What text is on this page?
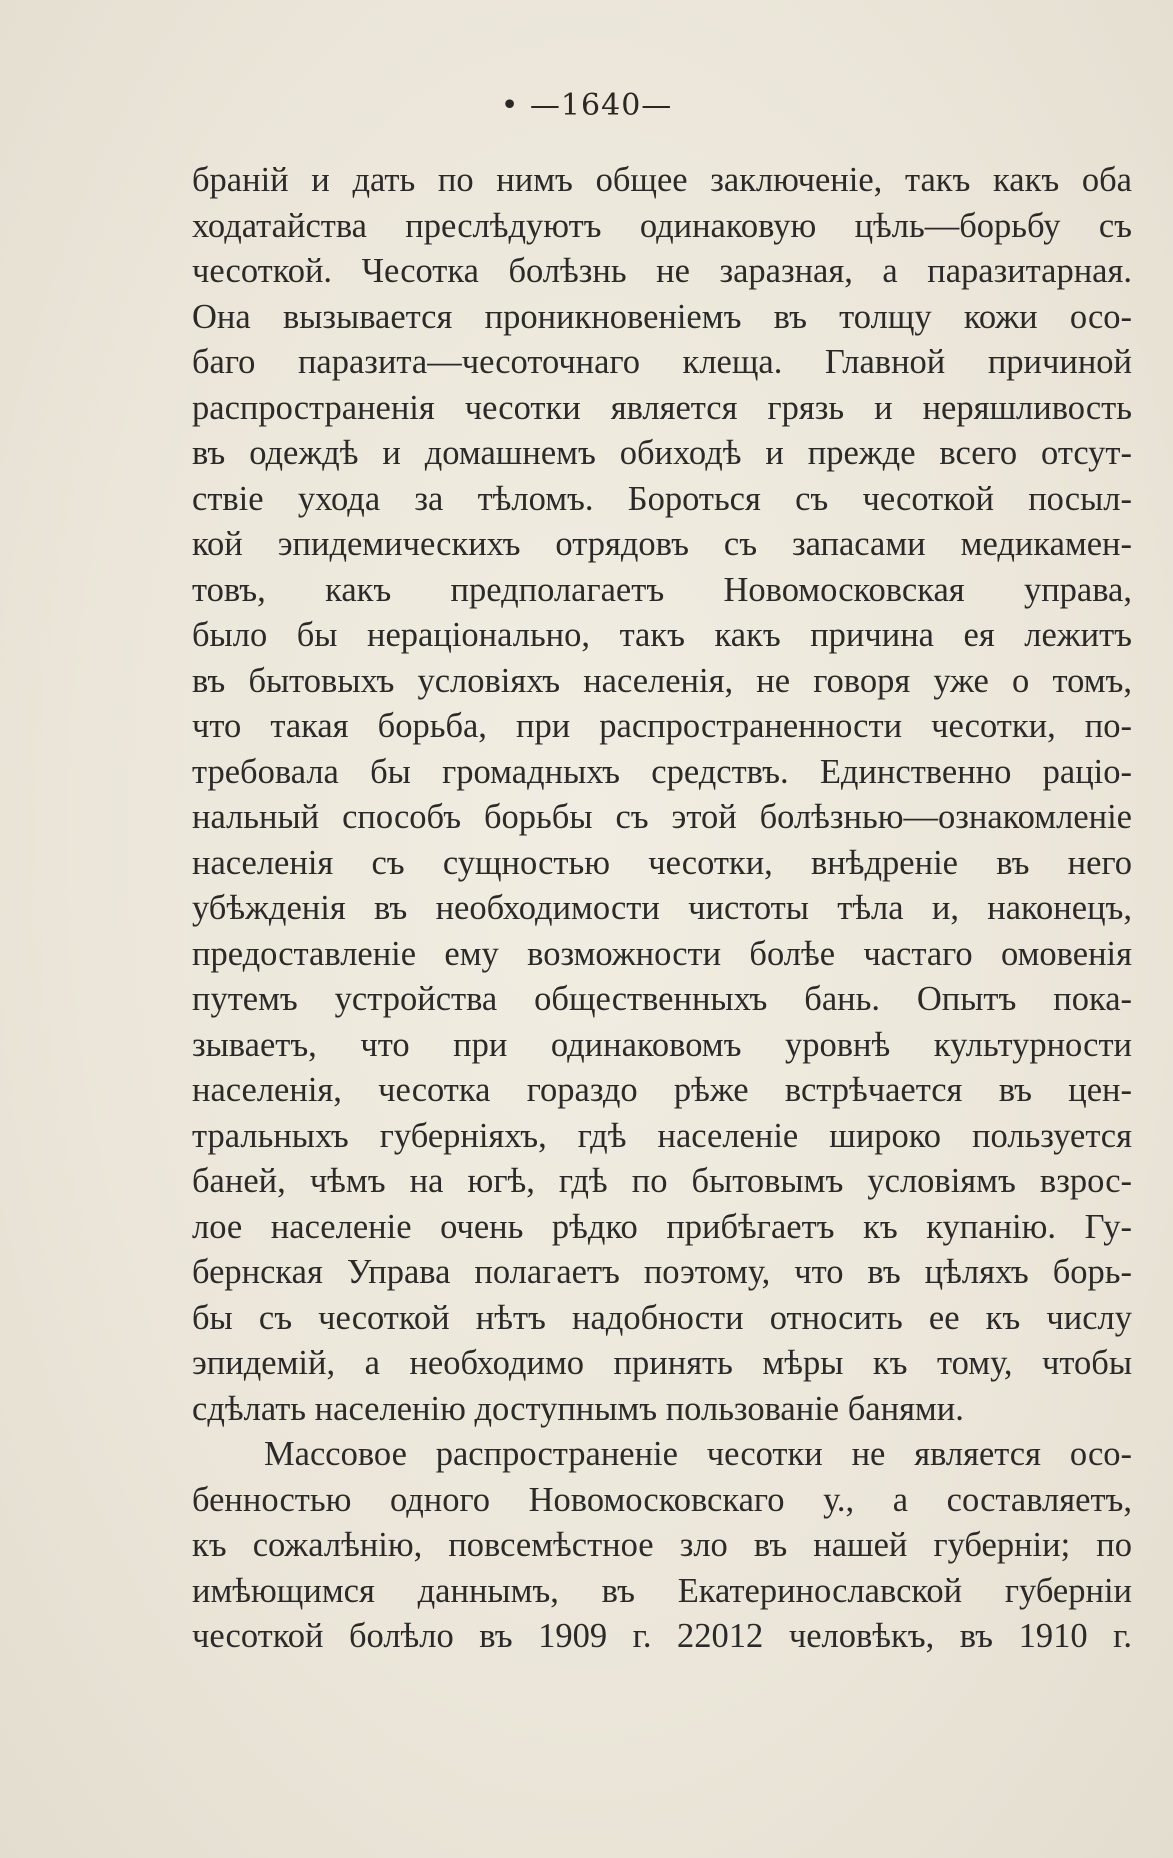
• —1640—
браній и дать по нимъ общее заключеніе, такъ какъ оба
ходатайства преслѣдуютъ одинаковую цѣль—борьбу съ
чесоткой. Чесотка болѣзнь не заразная, а паразитарная.
Она вызывается проникновеніемъ въ толщу кожи осо-
баго паразита—чесоточнаго клеща. Главной причиной
распространенія чесотки является грязь и неряшливость
въ одеждѣ и домашнемъ обиходѣ и прежде всего отсут-
ствіе ухода за тѣломъ. Бороться съ чесоткой посыл-
кой эпидемическихъ отрядовъ съ запасами медикамен-
товъ, какъ предполагаетъ Новомосковская управа,
было бы нераціонально, такъ какъ причина ея лежитъ
въ бытовыхъ условіяхъ населенія, не говоря уже о томъ,
что такая борьба, при распространенности чесотки, по-
требовала бы громадныхъ средствъ. Единственно раціо-
нальный способъ борьбы съ этой болѣзнью—ознакомленіе
населенія съ сущностью чесотки, внѣдреніе въ него
убѣжденія въ необходимости чистоты тѣла и, наконецъ,
предоставленіе ему возможности болѣе частаго омовенія
путемъ устройства общественныхъ бань. Опытъ пока-
зываетъ, что при одинаковомъ уровнѣ культурности
населенія, чесотка гораздо рѣже встрѣчается въ цен-
тральныхъ губерніяхъ, гдѣ населеніе широко пользуется
баней, чѣмъ на югѣ, гдѣ по бытовымъ условіямъ взрос-
лое населеніе очень рѣдко прибѣгаетъ къ купанію. Гу-
бернская Управа полагаетъ поэтому, что въ цѣляхъ борь-
бы съ чесоткой нѣтъ надобности относить ее къ числу
эпидемій, а необходимо принять мѣры къ тому, чтобы
сдѣлать населенію доступнымъ пользованіе банями.
Массовое распространеніе чесотки не является осо-
бенностью одного Новомосковскаго у., а составляетъ,
къ сожалѣнію, повсемѣстное зло въ нашей губерніи; по
имѣющимся даннымъ, въ Екатеринославской губерніи
чесоткой болѣло въ 1909 г. 22012 человѣкъ, въ 1910 г.
